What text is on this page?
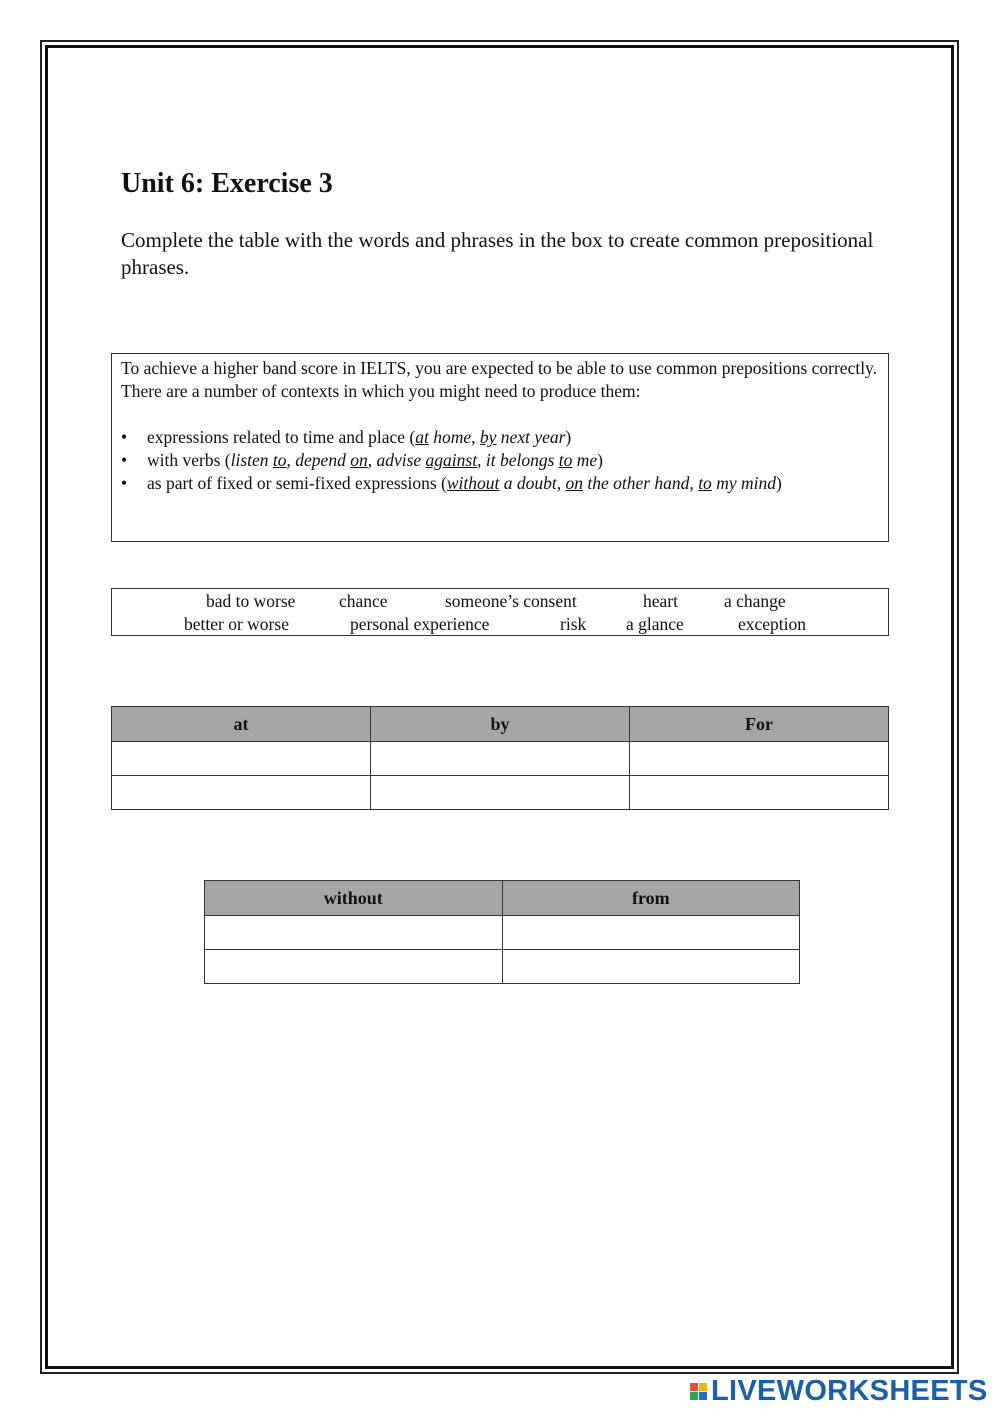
Unit 6: Exercise 3

Complete the table with the words and phrases in the box to create common prepositional phrases.

To achieve a higher band score in IELTS, you are expected to be able to use common prepositions correctly. There are a number of contexts in which you might need to produce them:

• expressions related to time and place (at home, by next year)
• with verbs (listen to, depend on, advise against, it belongs to me)
• as part of fixed or semi-fixed expressions (without a doubt, on the other hand, to my mind)
bad to worse chance	someone’s consent	heart	a change
better or worse	personal experience	risk a glance	exception
at	by	For

without	from

LIVEWORKSHEETS
